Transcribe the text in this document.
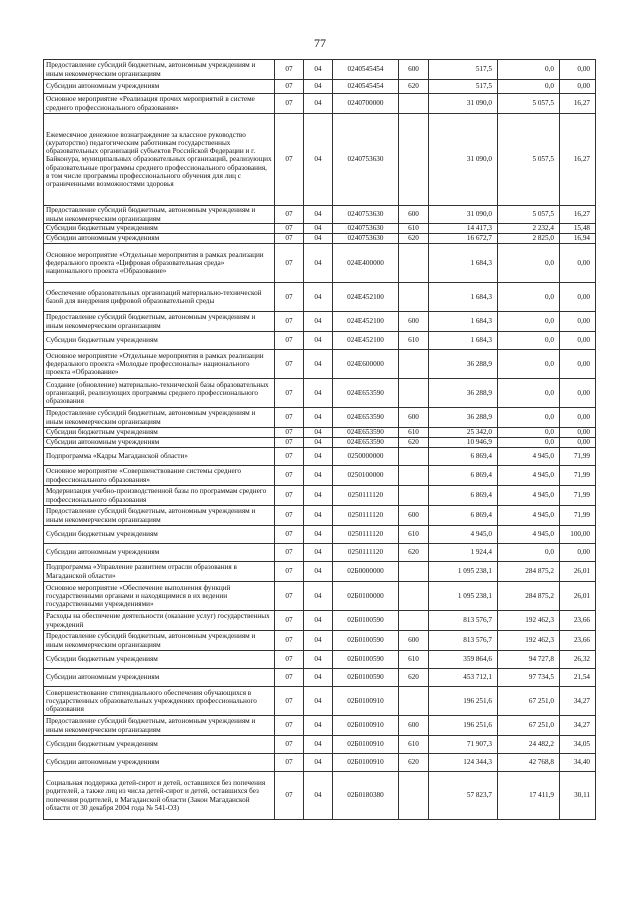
77
Предоставление субсидий бюджетным, автономным учреждениям и иным некоммерческим организациям	07	04	0240545454	600	517,5	0,0	0,00
Субсидии автономным учреждениям	07	04	0240545454	620	517,5	0,0	0,00
Основное мероприятие «Реализация прочих мероприятий в системе среднего профессионального образования»	07	04	0240700000		31 090,0	5 057,5	16,27
Ежемесячное денежное вознаграждение за классное руководство (кураторство) педагогическим работникам государственных образовательных организаций субъектов Российской Федерации и г. Байконура, муниципальных образовательных организаций, реализующих образовательные программы среднего профессионального образования, в том числе программы профессионального обучения для лиц с ограниченными возможностями здоровья	07	04	0240753630		31 090,0	5 057,5	16,27
Предоставление субсидий бюджетным, автономным учреждениям и иным некоммерческим организациям	07	04	0240753630	600	31 090,0	5 057,5	16,27
Субсидии бюджетным учреждениям	07	04	0240753630	610	14 417,3	2 232,4	15,48
Субсидии автономным учреждениям	07	04	0240753630	620	16 672,7	2 825,0	16,94
Основное мероприятие «Отдельные мероприятия в рамках реализации федерального проекта «Цифровая образовательная среда» национального проекта «Образование»	07	04	024E400000		1 684,3	0,0	0,00
Обеспечение образовательных организаций материально-технической базой для внедрения цифровой образовательной среды	07	04	024E452100		1 684,3	0,0	0,00
Предоставление субсидий бюджетным, автономным учреждениям и иным некоммерческим организациям	07	04	024E452100	600	1 684,3	0,0	0,00
Субсидии бюджетным учреждениям	07	04	024E452100	610	1 684,3	0,0	0,00
Основное мероприятие «Отдельные мероприятия в рамках реализации федерального проекта «Молодые профессионалы» национального проекта «Образование»	07	04	024E600000		36 288,9	0,0	0,00
Создание (обновление) материально-технической базы образовательных организаций, реализующих программы среднего профессионального образования	07	04	024E653590		36 288,9	0,0	0,00
Предоставление субсидий бюджетным, автономным учреждениям и иным некоммерческим организациям	07	04	024E653590	600	36 288,9	0,0	0,00
Субсидии бюджетным учреждениям	07	04	024E653590	610	25 342,0	0,0	0,00
Субсидии автономным учреждениям	07	04	024E653590	620	10 946,9	0,0	0,00
Подпрограмма «Кадры Магаданской области»	07	04	0250000000		6 869,4	4 945,0	71,99
Основное мероприятие «Совершенствование системы среднего профессионального образования»	07	04	0250100000		6 869,4	4 945,0	71,99
Модернизация учебно-производственной базы по программам среднего профессионального образования	07	04	0250111120		6 869,4	4 945,0	71,99
Предоставление субсидий бюджетным, автономным учреждениям и иным некоммерческим организациям	07	04	0250111120	600	6 869,4	4 945,0	71,99
Субсидии бюджетным учреждениям	07	04	0250111120	610	4 945,0	4 945,0	100,00
Субсидии автономным учреждениям	07	04	0250111120	620	1 924,4	0,0	0,00
Подпрограмма «Управление развитием отрасли образования в Магаданской области»	07	04	02Б0000000		1 095 238,1	284 875,2	26,01
Основное мероприятие «Обеспечение выполнения функций государственными органами и находящимися в их ведении государственными учреждениями»	07	04	02Б0100000		1 095 238,1	284 875,2	26,01
Расходы на обеспечение деятельности (оказание услуг) государственных учреждений	07	04	02Б0100590		813 576,7	192 462,3	23,66
Предоставление субсидий бюджетным, автономным учреждениям и иным некоммерческим организациям	07	04	02Б0100590	600	813 576,7	192 462,3	23,66
Субсидии бюджетным учреждениям	07	04	02Б0100590	610	359 864,6	94 727,8	26,32
Субсидии автономным учреждениям	07	04	02Б0100590	620	453 712,1	97 734,5	21,54
Совершенствование стипендиального обеспечения обучающихся в государственных образовательных учреждениях профессионального образования	07	04	02Б0100910		196 251,6	67 251,0	34,27
Предоставление субсидий бюджетным, автономным учреждениям и иным некоммерческим организациям	07	04	02Б0100910	600	196 251,6	67 251,0	34,27
Субсидии бюджетным учреждениям	07	04	02Б0100910	610	71 907,3	24 482,2	34,05
Субсидии автономным учреждениям	07	04	02Б0100910	620	124 344,3	42 768,8	34,40
Социальная поддержка детей-сирот и детей, оставшихся без попечения родителей, а также лиц из числа детей-сирот и детей, оставшихся без попечения родителей, в Магаданской области (Закон Магаданской области от 30 декабря 2004 года № 541-ОЗ)	07	04	02Б0180380		57 823,7	17 411,9	30,11
